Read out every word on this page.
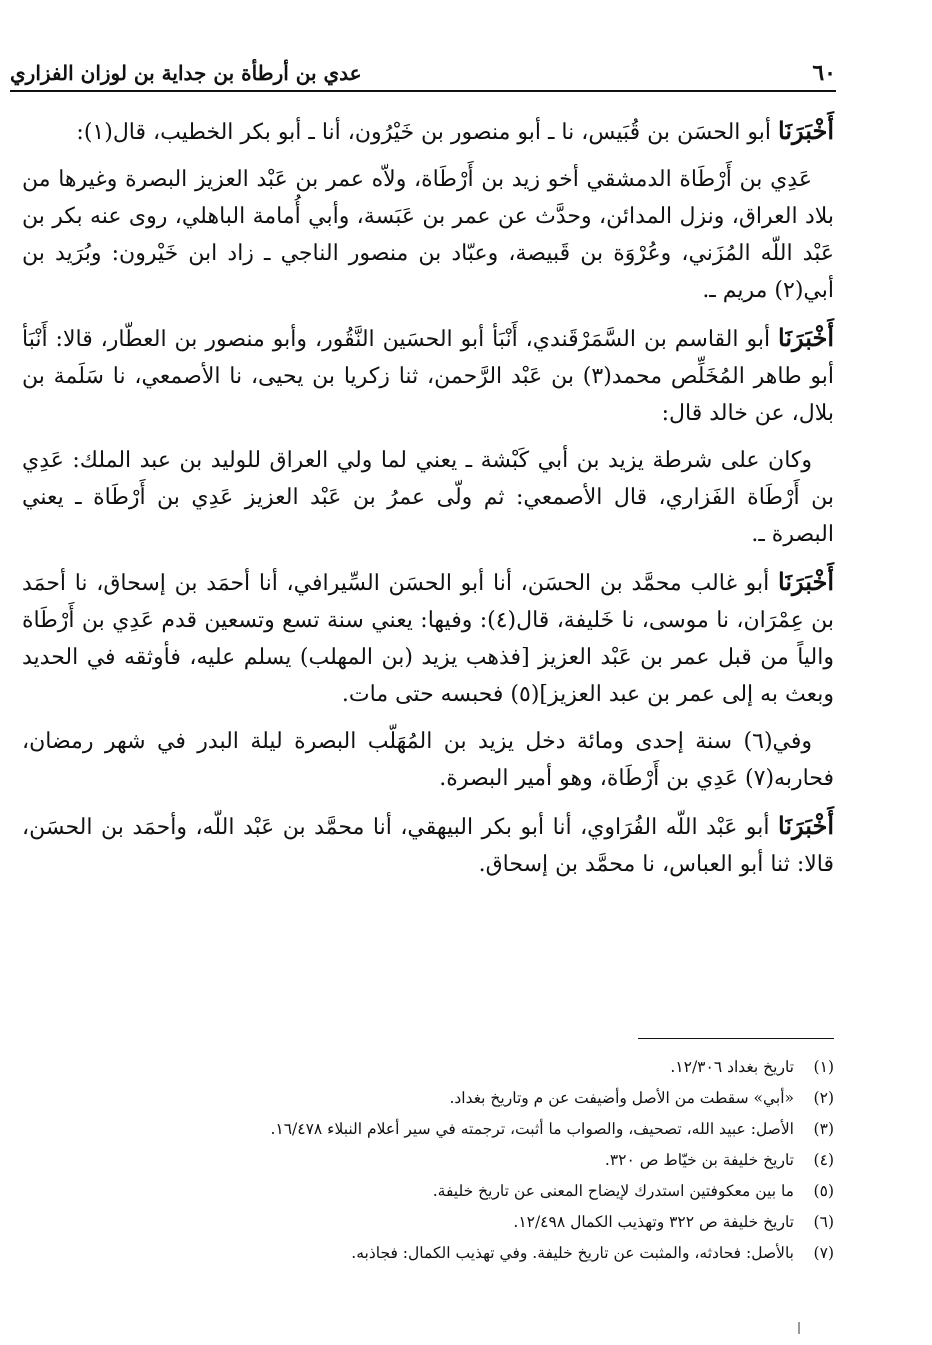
٦٠
عدي بن أرطأة بن جداية بن لوزان الفزاري

أَخْبَرَنَا أبو الحسَن بن قُبَيس، نا ـ أبو منصور بن خَيْرُون، أنا ـ أبو بكر الخطيب، قال(١):

عَدِي بن أَرْطَاة الدمشقي أخو زيد بن أَرْطَاة، ولاّه عمر بن عَبْد العزيز البصرة وغيرها من بلاد العراق، ونزل المدائن، وحدَّث عن عمر بن عَبَسة، وأبي أُمامة الباهلي، روى عنه بكر بن عَبْد اللّه المُزَني، وعُرْوَة بن قَبيصة، وعبّاد بن منصور الناجي ـ زاد ابن خَيْرون: وبُرَيد بن أبي(٢) مريم ـ.

أَخْبَرَنَا أبو القاسم بن السَّمَرْقَندي، أَنْبَأ أبو الحسَين النَّقُور، وأبو منصور بن العطّار، قالا: أَنْبَأ أبو طاهر المُخَلِّص محمد(٣) بن عَبْد الرَّحمن، ثنا زكريا بن يحيى، نا الأصمعي، نا سَلَمة بن بلال، عن خالد قال:

وكان على شرطة يزيد بن أبي كَبْشة ـ يعني لما ولي العراق للوليد بن عبد الملك: عَدِي بن أَرْطَاة الفَزاري، قال الأصمعي: ثم ولّى عمرُ بن عَبْد العزيز عَدِي بن أَرْطَاة ـ يعني البصرة ـ.

أَخْبَرَنَا أبو غالب محمَّد بن الحسَن، أنا أبو الحسَن السِّيرافي، أنا أحمَد بن إسحاق، نا أحمَد بن عِمْرَان، نا موسى، نا خَليفة، قال(٤): وفيها: يعني سنة تسع وتسعين قدم عَدِي بن أَرْطَاة والياً من قبل عمر بن عَبْد العزيز [فذهب يزيد (بن المهلب) يسلم عليه، فأوثقه في الحديد وبعث به إلى عمر بن عبد العزيز](٥) فحبسه حتى مات.

وفي(٦) سنة إحدى ومائة دخل يزيد بن المُهَلّب البصرة ليلة البدر في شهر رمضان، فحاربه(٧) عَدِي بن أَرْطَاة، وهو أمير البصرة.

أَخْبَرَنَا أبو عَبْد اللّه الفُرَاوي، أنا أبو بكر البيهقي، أنا محمَّد بن عَبْد اللّه، وأحمَد بن الحسَن، قالا: ثنا أبو العباس، نا محمَّد بن إسحاق.

(١)
تاريخ بغداد ١٢/٣٠٦.
(٢)
«أبي» سقطت من الأصل وأضيفت عن م وتاريخ بغداد.
(٣)
الأصل: عبيد الله، تصحيف، والصواب ما أثبت، ترجمته في سير أعلام النبلاء ١٦/٤٧٨.
(٤)
تاريخ خليفة بن خيّاط ص ٣٢٠.
(٥)
ما بين معكوفتين استدرك لإيضاح المعنى عن تاريخ خليفة.
(٦)
تاريخ خليفة ص ٣٢٢ وتهذيب الكمال ١٢/٤٩٨.
(٧)
بالأصل: فحادثه، والمثبت عن تاريخ خليفة. وفي تهذيب الكمال: فجاذبه.
